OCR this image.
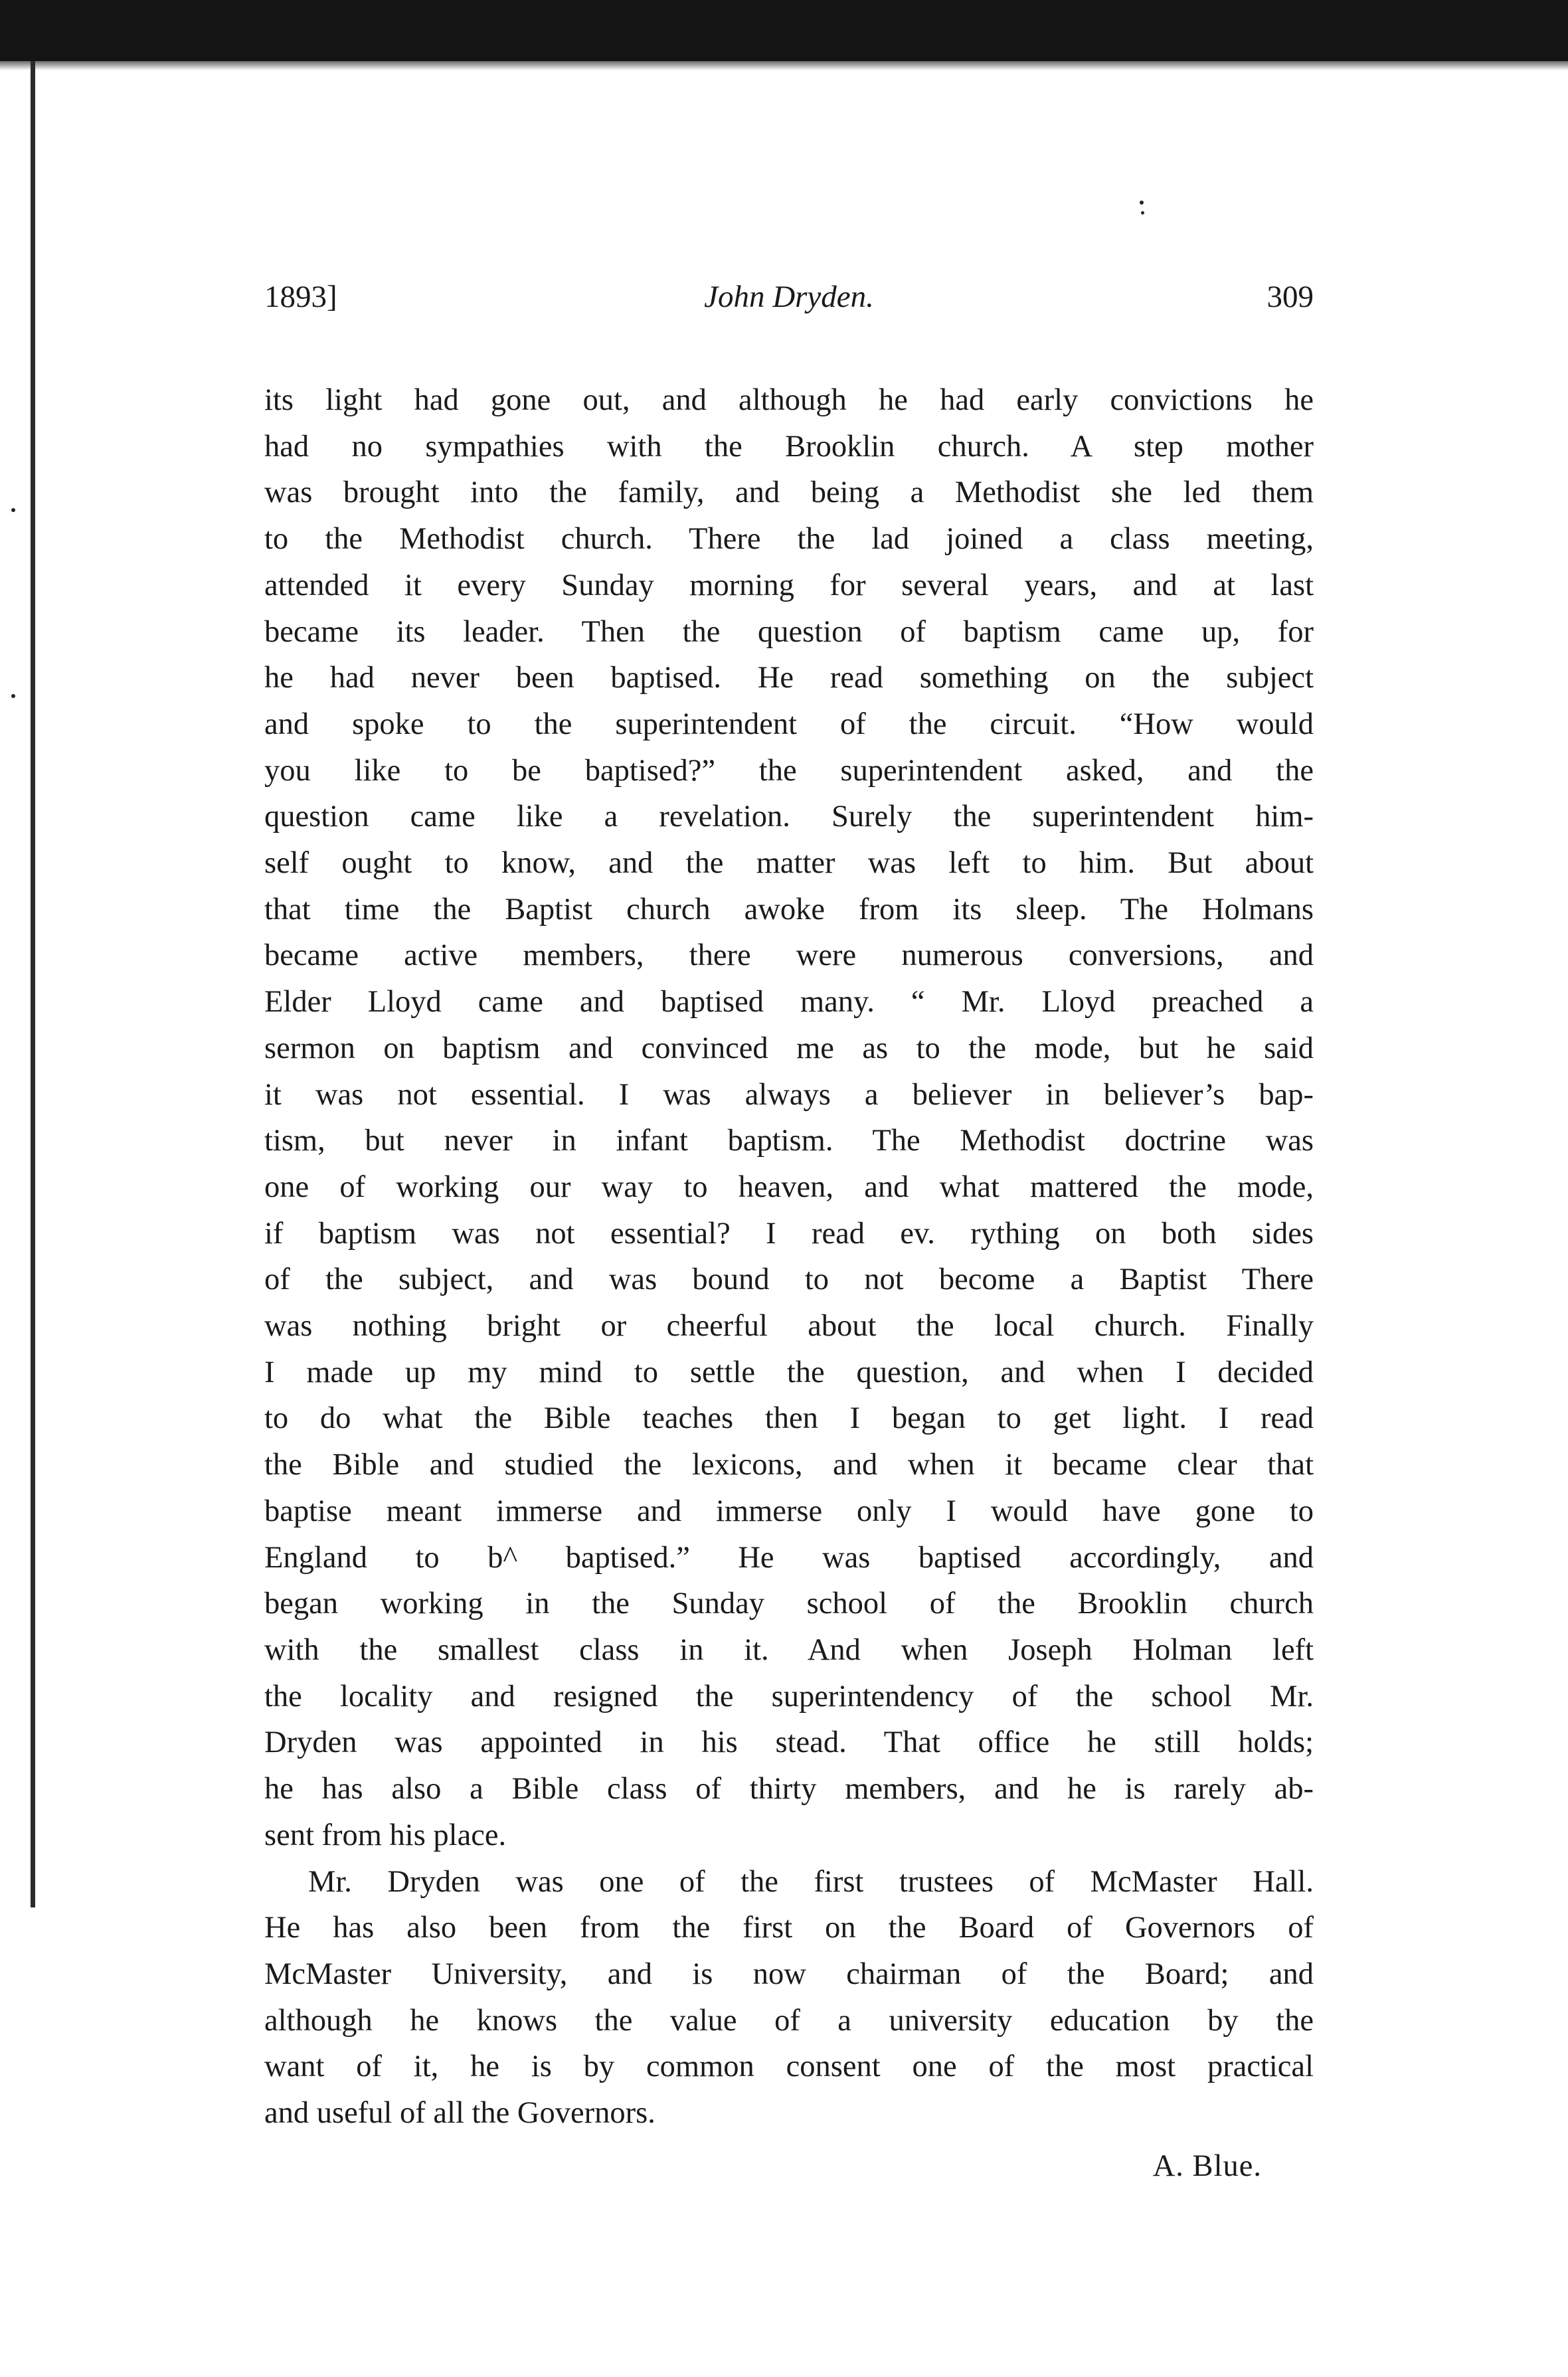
1893]	John Dryden.	309
its light had gone out, and although he had early convictions he
had no sympathies with the Brooklin church. A step mother
was brought into the family, and being a Methodist she led them
to the Methodist church. There the lad joined a class meeting,
attended it every Sunday morning for several years, and at last
became its leader. Then the question of baptism came up, for
he had never been baptised. He read something on the subject
and spoke to the superintendent of the circuit. “How would
you like to be baptised?” the superintendent asked, and the
question came like a revelation. Surely the superintendent him-
self ought to know, and the matter was left to him. But about
that time the Baptist church awoke from its sleep. The Holmans
became active members, there were numerous conversions, and
Elder Lloyd came and baptised many. “ Mr. Lloyd preached a
sermon on baptism and convinced me as to the mode, but he said
it was not essential. I was always a believer in believer’s bap-
tism, but never in infant baptism. The Methodist doctrine was
one of working our way to heaven, and what mattered the mode,
if baptism was not essential? I read ev. rything on both sides
of the subject, and was bound to not become a Baptist There
was nothing bright or cheerful about the local church. Finally
I made up my mind to settle the question, and when I decided
to do what the Bible teaches then I began to get light. I read
the Bible and studied the lexicons, and when it became clear that
baptise meant immerse and immerse only I would have gone to
England to b^ baptised.” He was baptised accordingly, and
began working in the Sunday school of the Brooklin church
with the smallest class in it. And when Joseph Holman left
the locality and resigned the superintendency of the school Mr.
Dryden was appointed in his stead. That office he still holds;
he has also a Bible class of thirty members, and he is rarely ab-
sent from his place.
Mr. Dryden was one of the first trustees of McMaster Hall.
He has also been from the first on the Board of Governors of
McMaster University, and is now chairman of the Board; and
although he knows the value of a university education by the
want of it, he is by common consent one of the most practical
and useful of all the Governors.
A. Blue.
